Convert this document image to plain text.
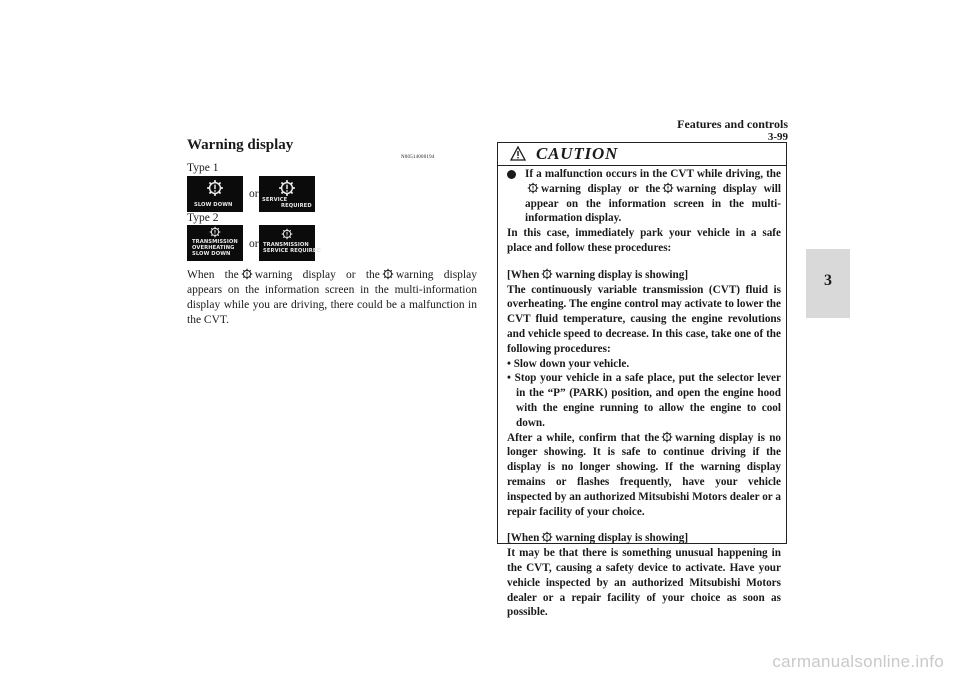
Features and controls
3-99
3
Warning display
N00514000194
Type 1
SLOW DOWN
or SERVICE
REQUIRED
Type 2
TRANSMISSION
OVERHEATING
SLOW DOWN
or TRANSMISSION
SERVICE REQUIRED
When the warning display or the warning display appears on the information screen in the multi-information display while you are driving, there could be a malfunction in the CVT.
CAUTION

If a malfunction occurs in the CVT while driving, thewarning display or the warning display will appear on the information screen in the multi-information display.

In this case, immediately park your vehicle in a safe place and follow these procedures:

[When warning display is showing]

The continuously variable transmission (CVT) fluid is overheating. The engine control may activate to lower the CVT fluid temperature, causing the engine revolutions and vehicle speed to decrease. In this case, take one of the following procedures:

• Slow down your vehicle.

• Stop your vehicle in a safe place, put the selector lever in the “P” (PARK) position, and open the engine hood with the engine running to allow the engine to cool down.

After a while, confirm that the warning display is no longer showing. It is safe to continue driving if the display is no longer showing. If the warning display remains or flashes frequently, have your vehicle inspected by an authorized Mitsubishi Motors dealer or a repair facility of your choice.

[When warning display is showing]

It may be that there is something unusual happening in the CVT, causing a safety device to activate. Have your vehicle inspected by an authorized Mitsubishi Motors dealer or a repair facility of your choice as soon as possible.

carmanualsonline.info
